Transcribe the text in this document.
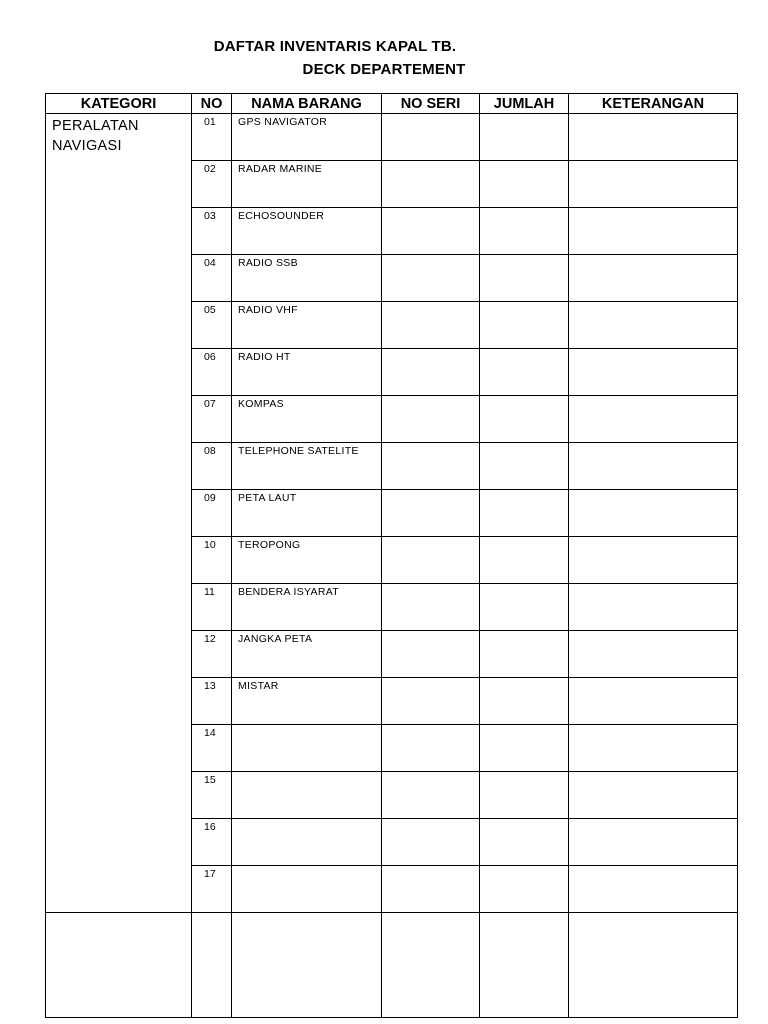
DAFTAR INVENTARIS KAPAL TB.
DECK DEPARTEMENT
KATEGORI	NO	NAMA BARANG	NO SERI	JUMLAH	KETERANGAN
PERALATAN NAVIGASI	01	GPS NAVIGATOR			
	02	RADAR MARINE			
	03	ECHOSOUNDER			
	04	RADIO SSB			
	05	RADIO VHF			
	06	RADIO HT			
	07	KOMPAS			
	08	TELEPHONE SATELITE			
	09	PETA LAUT			
	10	TEROPONG			
	11	BENDERA ISYARAT			
	12	JANGKA PETA			
	13	MISTAR			
	14				
	15				
	16				
	17				
